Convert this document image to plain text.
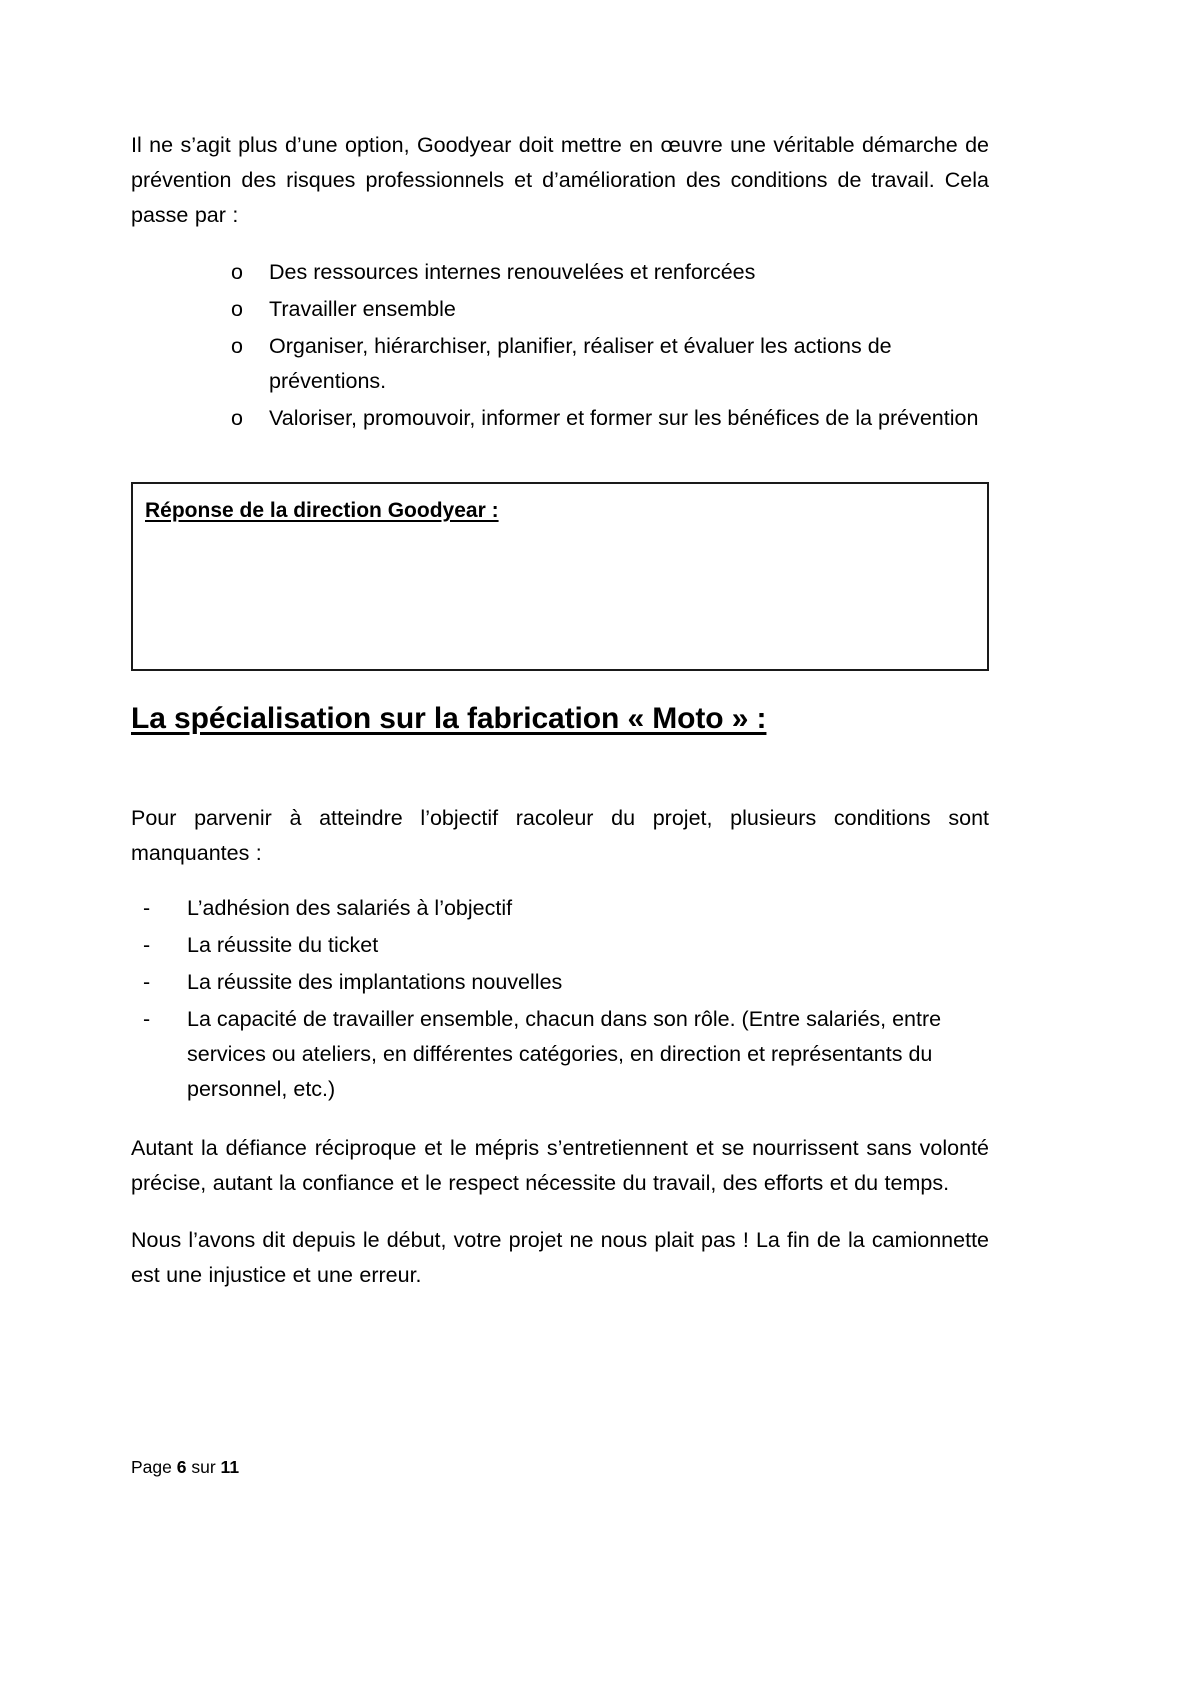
Il ne s’agit plus d’une option, Goodyear doit mettre en œuvre une véritable démarche de prévention des risques professionnels et d’amélioration des conditions de travail. Cela passe par :

o Des ressources internes renouvelées et renforcées
o Travailler ensemble
o Organiser, hiérarchiser, planifier, réaliser et évaluer les actions de préventions.
o Valoriser, promouvoir, informer et former sur les bénéfices de la prévention
Réponse de la direction Goodyear :
La spécialisation sur la fabrication « Moto » :

Pour parvenir à atteindre l’objectif racoleur du projet, plusieurs conditions sont manquantes :

- L’adhésion des salariés à l’objectif
- La réussite du ticket
- La réussite des implantations nouvelles
- La capacité de travailler ensemble, chacun dans son rôle. (Entre salariés, entre services ou ateliers, en différentes catégories, en direction et représentants du personnel, etc.)

Autant la défiance réciproque et le mépris s’entretiennent et se nourrissent sans volonté précise, autant la confiance et le respect nécessite du travail, des efforts et du temps.

Nous l’avons dit depuis le début, votre projet ne nous plait pas ! La fin de la camionnette est une injustice et une erreur.

Page 6 sur 11
